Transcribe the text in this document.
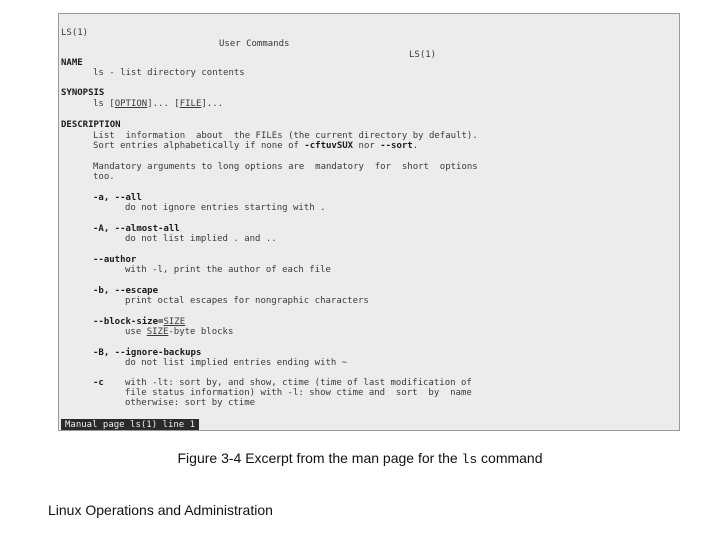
LS(1)

User Commands

LS(1)

NAME
ls - list directory contents
SYNOPSIS
ls [OPTION]... [FILE]...
DESCRIPTION
List  information  about  the FILEs (the current directory by default).
Sort entries alphabetically if none of -cftuvSUX nor --sort.
Mandatory arguments to long options are  mandatory  for  short  options
too.
-a, --all
do not ignore entries starting with .
-A, --almost-all
do not list implied . and ..
--author
with -l, print the author of each file
-b, --escape
print octal escapes for nongraphic characters
--block-size=SIZE
use SIZE-byte blocks
-B, --ignore-backups
do not list implied entries ending with ~
-c	with -lt: sort by, and show, ctime (time of last modification of
file status information) with -l: show ctime and  sort  by  name
otherwise: sort by ctime
Manual page ls(1) line 1
Figure 3-4 Excerpt from the man page for the ls command
Linux Operations and Administration
